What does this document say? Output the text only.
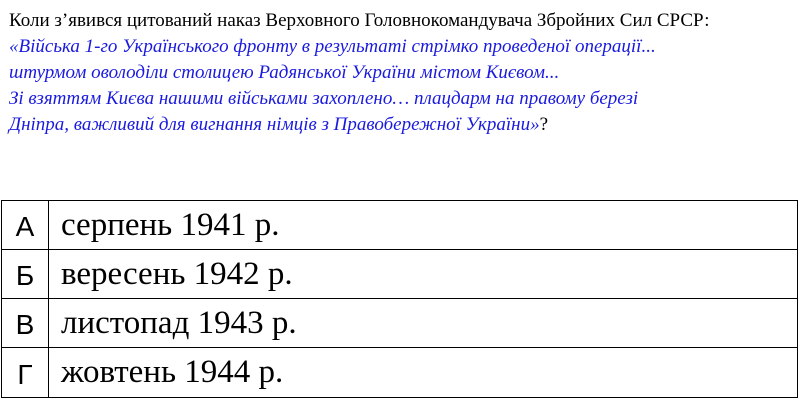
Коли з’явився цитований наказ Верховного Головнокомандувача Збройних Сил СРСР:
«Війська 1-го Українського фронту в результаті стрімко проведеної операції...
штурмом оволоділи столицею Радянської України містом Києвом...
Зі взяттям Києва нашими військами захоплено… плацдарм на правому березі
Дніпра, важливий для вигнання німців з Правобережної України»?
А серпень 1941 р.
Б вересень 1942 р.
В листопад 1943 р.
Г жовтень 1944 р.
